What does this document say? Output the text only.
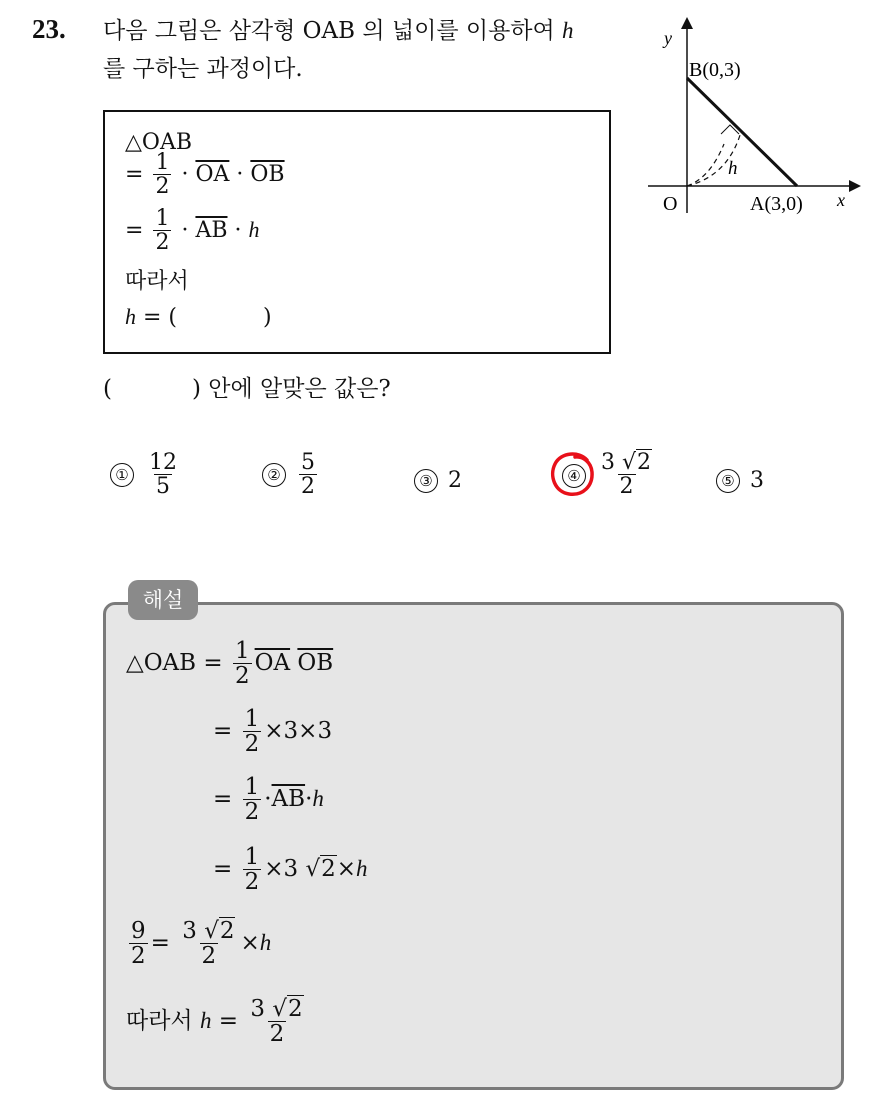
23. 다음 그림은 삼각형 OAB 의 넓이를 이용하여 h
를 구하는 과정이다.
y
x
O
B(0,3)
A(3,0)
h
△OAB
= $\frac{1}{2} \cdot \overline{OA} \cdot \overline{OB}$
= $\frac{1}{2} \cdot \overline{AB} \cdot h$
따라서
h = (	)
(	) 안에 알맞은 값은?
① $\frac{12}{5}$	② $\frac{5}{2}$	③ 2	④ $\frac{3 √2}{2}$	⑤ 3
해설
△OAB = $\frac{1}{2} \overline{OA}$ $\overline{OB}$
= $\frac{1}{2} \times 3\times 3$
= $\frac{1}{2} \cdot\overline{AB}\cdot h$
= $\frac{1}{2} \times 3$ √2×h
$\frac{9}{2} = \frac{3 √2}{2} \times h$
따라서 $h = \frac{3 √2}{2}$
